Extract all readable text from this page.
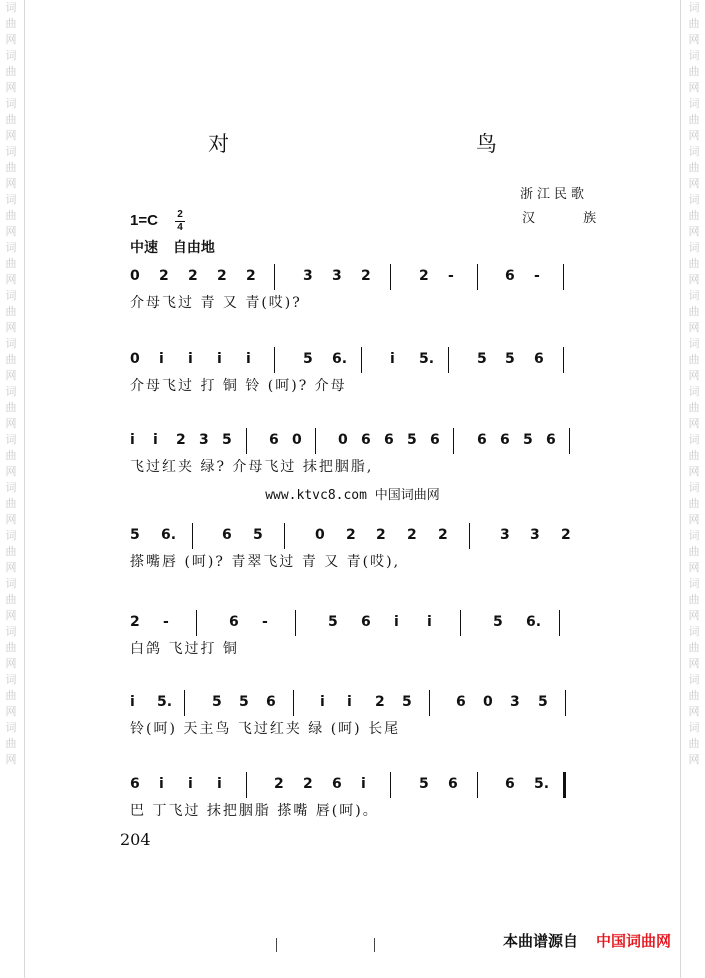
词
曲
网
词
曲
网
词
曲
网
词
曲
网
词
曲
网
词
曲
网
词
曲
网
词
曲
网
词
曲
网
词
曲
网
词
曲
网
词
曲
网
词
曲
网
词
曲
网
词
曲
网
词
曲
网
词
曲
网
词
曲
网
词
曲
网
词
曲
网
词
曲
网
词
曲
网
词
曲
网
词
曲
网
词
曲
网
词
曲
网
词
曲
网
词
曲
网
词
曲
网
词
曲
网
词
曲
网
词
曲
网
对 鸟
浙江民歌
汉 族
1=C 2
4
中速 自由地
0 2 2 2 2	3 3 2	2 -	6 -
介母飞过 青 又 青(哎)?
0 i i i i	5 6.	i 5.	5 5 6
介母飞过 打 铜 铃 (呵)? 介母
i i 2 3 5	6 0	0 6 6 5 6	6 6 5 6
飞过红夹 绿? 介母飞过 抹把胭脂,
5 6.	6 5	0 2 2 2 2	3 3 2
搽嘴唇 (呵)? 青翠飞过 青 又 青(哎),
2 -	6 -	5 6 i i	5 6.
白鸽 飞过打 铜
i 5.	5 5 6	i i 2 5	6 0 3 5
铃(呵) 天主鸟 飞过红夹 绿 (呵) 长尾
6 i i i	2 2 6 i	5 6	6 5.
巴 丁飞过 抹把胭脂 搽嘴 唇(呵)。
www.ktvc8.com 中国词曲网
204
本曲谱源自 中国词曲网
